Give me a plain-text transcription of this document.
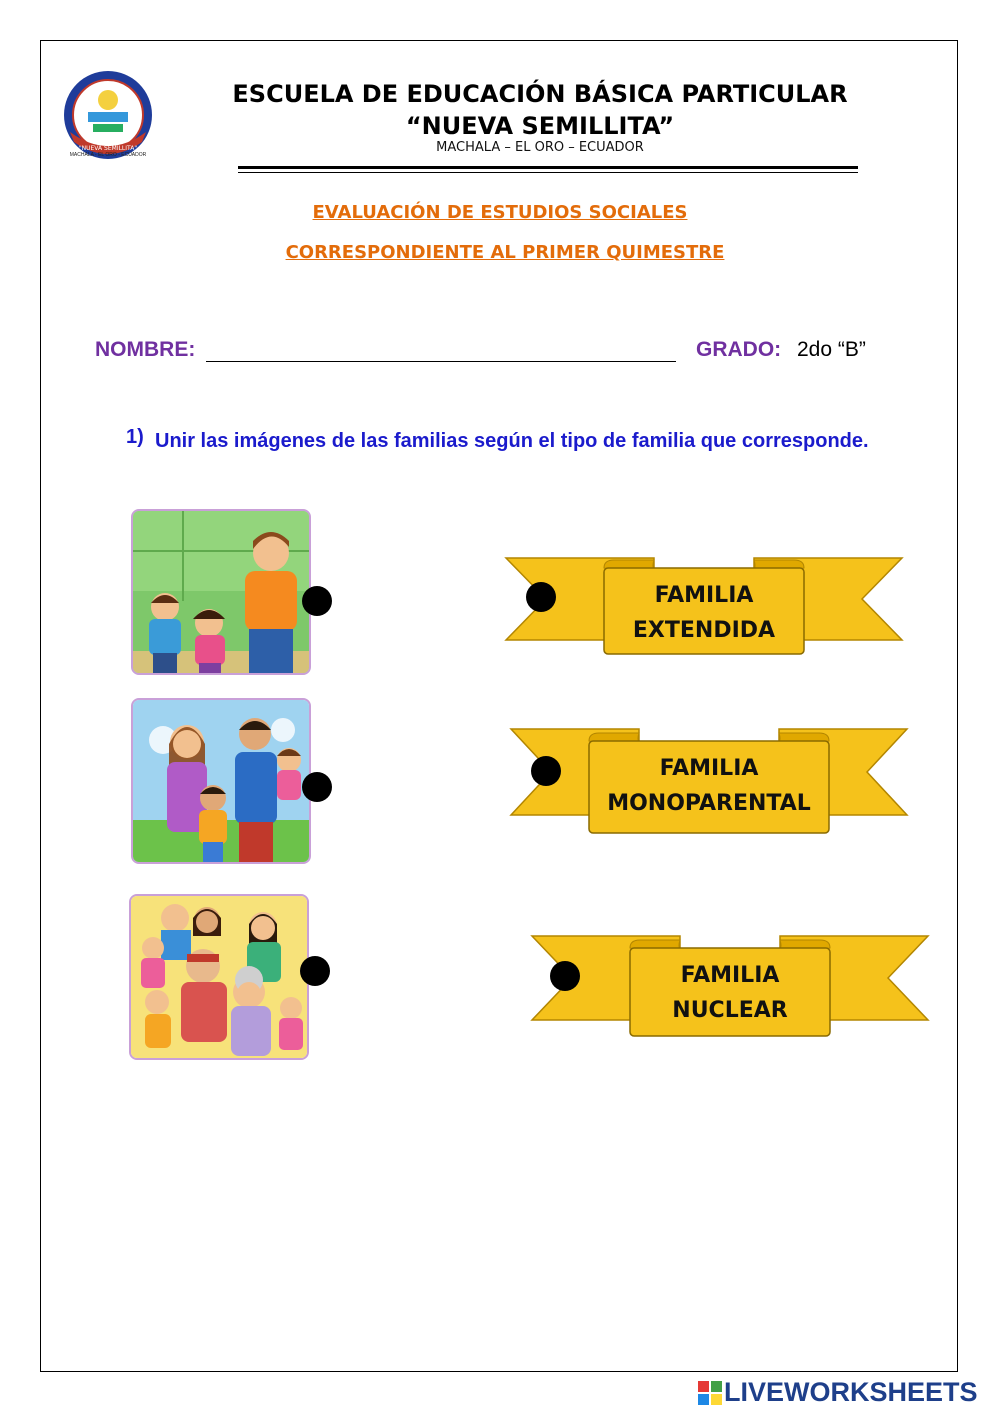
"NUEVA SEMILLITA"
MACHALA - EL ORO - ECUADOR
ESCUELA DE EDUCACIÓN BÁSICA PARTICULAR
“NUEVA SEMILLITA”
MACHALA – EL ORO – ECUADOR
EVALUACIÓN DE ESTUDIOS SOCIALES
CORRESPONDIENTE AL PRIMER QUIMESTRE
NOMBRE:	GRADO: 2do “B”
1) Unir las imágenes de las familias según el tipo de familia que corresponde.
FAMILIA
EXTENDIDA
FAMILIA
MONOPARENTAL
FAMILIA
NUCLEAR
LIVEWORKSHEETS
